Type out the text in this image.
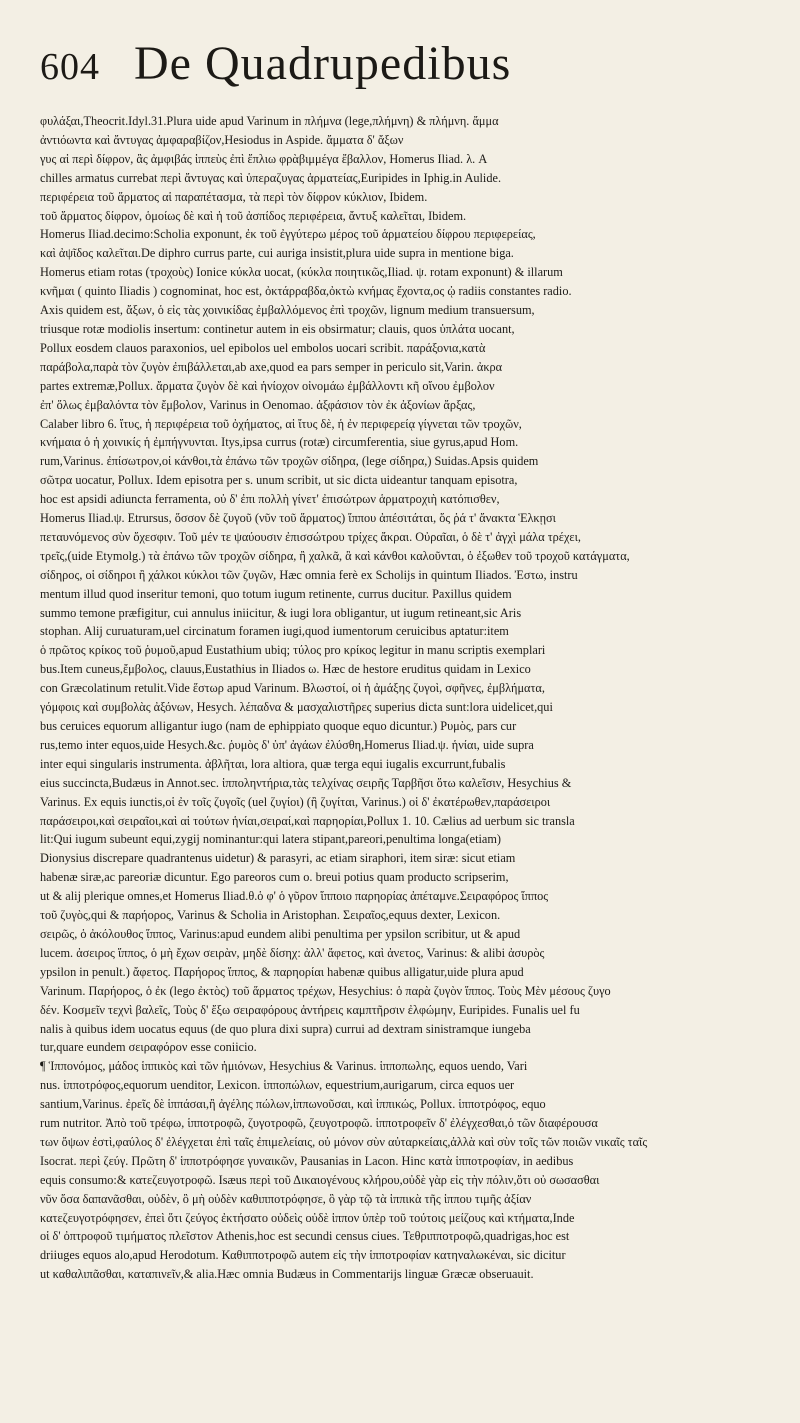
604 De Quadrupedibus
φυλάξαι,Theocrit.Idyl.31.Plura uide apud Varinum in πλήμνα (lege,πλήμνη) & πλήμνη. ἄμμα
ἀντιόωντα καὶ ἄντυγας ἀμφαραβίζον,Hesiodus in Aspide. ἄμματα δ' ἄξων
γυς αἱ περὶ δίφρον, ἃς ἀμφιβάς ἱππεὺς ἐπὶ ἔπλιω φρὰβιμμέγα ἔβαλλον, Homerus Iliad. λ. A
chilles armatus currebat περὶ ἄντυγας καὶ ὑπεραζυγας ἁρματείας,Euripides in Iphig.in Aulide.
περιφέρεια τοῦ ἅρματος αἱ παραπέτασμα, τὰ περὶ τὸν δίφρον κύκλιον, Ibidem.
τοῦ ἅρματος δίφρον, ὁμοίως δὲ καὶ ἡ τοῦ ἀσπίδος περιφέρεια, ἄντυξ καλεῖται, Ibidem.
Homerus Iliad.decimo:Scholia exponunt, ἐκ τοῦ ἐγγύτερω μέρος τοῦ ἁρματείου δίφρου περιφερείας,
καὶ ἀψῖδος καλεῖται.De diphro currus parte, cui auriga insistit,plura uide supra in mentione biga.
Homerus etiam rotas (τροχοὺς) Ionice κύκλα uocat, (κύκλα ποιητικῶς,Iliad. ψ. rotam exponunt) & illarum
κνῆμαι ( quinto Iliadis ) cognominat, hoc est, ὀκτάρραβδα,ὀκτὼ κνήμας ἔχοντα,ος ᾠ radiis constantes radio.
Axis quidem est, ἄξων, ὁ εἰς τὰς χοινικίδας ἐμβαλλόμενος ἐπὶ τροχῶν, lignum medium transuersum,
triusque rotæ modiolis insertum: continetur autem in eis obsirmatur; clauis, quos ὑπλάτα uocant,
Pollux eosdem clauos paraxonios, uel epibolos uel embolos uocari scribit. παράξονια,κατὰ
παράβολα,παρὰ τὸν ζυγὸν ἐπιβάλλεται,ab axe,quod ea pars semper in periculo sit,Varin. ἀκρα
partes extremæ,Pollux. ἄρματα ζυγὸν δὲ καὶ ἡνίοχον οἰνομάω ἐμβάλλοντι κῆ οἴνου ἐμβολον
ἐπ' ὅλως ἐμβαλόντα τὸν ἔμβολον, Varinus in Oenomao. ἀξφάσιον τὸν ἐκ ἀξονίων ἄρξας,
Calaber libro 6. ἴτυς, ἡ περιφέρεια τοῦ ὀχήματος, αἱ ἴτυς δὲ, ἡ ἐν περιφερείᾳ γίγνεται τῶν τροχῶν,
κνήμαια ὁ ἡ χοινικίς ἡ ἐμπήγνυνται. Itys,ipsa currus (rotæ) circumferentia, siue gyrus,apud Hom.
rum,Varinus. ἐπίσωτρον,οἱ κάνθοι,τὰ ἐπάνω τῶν τροχῶν σίδηρα, (lege σίδηρα,) Suidas.Apsis quidem
σῶτρα uocatur, Pollux. Idem episotra per s. unum scribit, ut sic dicta uideantur tanquam episotra,
hoc est apsidi adiuncta ferramenta, οὐ δ' ἐπι πολλὴ γίνετ' ἐπισώτρων ἁρματροχιὴ κατόπισθεν,
Homerus Iliad.ψ. Etrursus, ὅσσον δὲ ζυγοῦ (νῦν τοῦ ἅρματος) ἵππου ἀπέσιτάται, ὅς ῥά τ' ἄνακτα Ἑλκῃσι
πεταυνόμενος σὺν ὄχεσφιν. Τοῦ μέν τε ψαύουσιν ἐπισσώτρου τρίχες ἄκραι. Οὐραῖαι, ὁ δὲ τ' ἀγχὶ μάλα τρέχει,
τρεῖς,(uide Etymolg.) τὰ ἐπάνω τῶν τροχῶν σίδηρα, ἢ χαλκᾶ, ἃ καὶ κάνθοι καλοῦνται, ὁ ἐξωθεν τοῦ τροχοῦ κατάγματα,
σίδηρος, οἱ σίδηροι ἢ χάλκοι κύκλοι τῶν ζυγῶν, Hæc omnia ferè ex Scholijs in quintum Iliados. Ἐστω, instru
mentum illud quod inseritur temoni, quo totum iugum retinente, currus ducitur. Paxillus quidem
summo temone præfigitur, cui annulus iniicitur, & iugi lora obligantur, ut iugum retineant,sic Aris
stophan. Alij curuaturam,uel circinatum foramen iugi,quod iumentorum ceruicibus aptatur:item
ὁ πρῶτος κρίκος τοῦ ῥυμοῦ,apud Eustathium ubiq; τύλος pro κρίκος legitur in manu scriptis exemplari
bus.Item cuneus,ἔμβολος, clauus,Eustathius in Iliados ω. Hæc de hestore eruditus quidam in Lexico
con Græcolatinum retulit.Vide ἕστωρ apud Varinum. Βλωστοί, οἱ ἡ ἀμάξης ζυγοὶ, σφῆνες, ἐμβλήματα,
γόμφοις καὶ συμβολὰς ἀξόνων, Hesych. λέπαδνα & μασχαλιστῆρες superius dicta sunt:lora uidelicet,qui
bus ceruices equorum alligantur iugo (nam de ephippiato quoque equo dicuntur.) Ρυμὸς, pars cur
rus,temo inter equos,uide Hesych.&c. ῥυμὸς δ' ὑπ' ἀγάων ἐλύσθη,Homerus Iliad.ψ. ἡνίαι, uide supra
inter equi singularis instrumenta. ἀβλῆται, lora altiora, quæ terga equi iugalis excurrunt,fubalis
eius succincta,Budæus in Annot.sec. ἱπποληντήρια,τὰς τελχίνας σειρῆς Ταρβῆσι ὅτω καλεῖσιν, Hesychius &
Varinus. Ex equis iunctis,οἱ ἐν τοῖς ζυγοῖς (uel ζυγίοι) (ἢ ζυγίται, Varinus.) οἱ δ' ἐκατέρωθεν,παράσειροι
παράσειροι,καὶ σειραῖοι,καὶ αἱ τούτων ἡνίαι,σειραί,καὶ παρηορίαι,Pollux 1. 10. Cælius ad uerbum sic transla
lit:Qui iugum subeunt equi,zygij nominantur:qui latera stipant,pareori,penultima longa(etiam)
Dionysius discrepare quadrantenus uidetur) & parasyri, ac etiam siraphori, item siræ: sicut etiam
habenæ siræ,ac pareoriæ dicuntur. Ego pareoros cum ο. breui potius quam producto scripserim,
ut & alij plerique omnes,et Homerus Iliad.θ.ὁ φ' ὁ γῦρον ἵπποιο παρηορίας ἀπέταμνε.Σειραφόρος ἵππος
τοῦ ζυγὸς,qui & παρήορος, Varinus & Scholia in Aristophan. Σειραῖος,equus dexter, Lexicon.
σειρῶς, ὁ ἀκόλουθος ἵππος, Varinus:apud eundem alibi penultima per ypsilon scribitur, ut & apud
lucem. ἀσειρος ἵππος, ὁ μὴ ἔχων σειρὰν, μηδὲ δίσηχ: ἀλλ' ἄφετος, καὶ ἀνετος, Varinus: & alibi ἀσυρὸς
ypsilon in penult.) ἄφετος. Παρήορος ἵππος, & παρηορίαι habenæ quibus alligatur,uide plura apud
Varinum. Παρήορος, ὁ ἐκ (lego ἐκτὸς) τοῦ ἅρματος τρέχων, Hesychius: ὁ παρὰ ζυγὸν ἵππος. Τοὺς Μὲν μέσους ζυγο
δέν. Κοσμεῖν τεχνὶ βαλεῖς, Τοὺς δ' ἔξω σειραφόρους ἀντήρεις καμπτῆρσιν ἐλφώμην, Euripides. Funalis uel fu
nalis à quibus idem uocatus equus (de quo plura dixi supra) currui ad dextram sinistramque iungeba
tur,quare eundem σειραφόρον esse coniicio.
¶ Ἱππονόμος, μάδος ἱππικὸς καὶ τῶν ἡμιόνων, Hesychius & Varinus. ἱπποπωλης, equos uendo, Vari
nus. ἱπποτρόφος,equorum uenditor, Lexicon. ἱπποπώλων, equestrium,aurigarum, circa equos uer
santium,Varinus. ἐρεῖς δὲ ἱππάσαι,ἢ ἀγέλης πώλων,ἱππωνοῦσαι, καὶ ἱππικώς, Pollux. ἱπποτρόφος, equo
rum nutritor. Ἀπὸ τοῦ τρέφω, ἱπποτροφῶ, ζυγοτροφῶ, ζευγοτροφῶ. ἱπποτροφεῖν δ' ἐλέγχεσθαι,ὁ τῶν διαφέρουσα
των ὄψων ἐστὶ,φαύλος δ' ἐλέγχεται ἐπὶ ταῖς ἐπιμελείαις, οὐ μόνον σὺν αὐταρκείαις,ἀλλὰ καὶ σὺν τοῖς τῶν ποιῶν νικαῖς ταῖς
Isocrat. περὶ ζεύγ. Πρῶτη δ' ἱπποτρόφησε γυναικῶν, Pausanias in Lacon. Hinc κατὰ ἱπποτροφίαν, in aedibus
equis consumo:& κατεζευγοτροφῶ. Isæus περὶ τοῦ Δικαιογένους κλήρου,οὐδὲ γὰρ εἰς τὴν πόλιν,ὅτι οὐ σωσασθαι
νῦν ὅσα δαπανᾶσθαι, οὐδὲν, ὃ μὴ οὐδὲν καθιπποτρόφησε, ὃ γὰρ τῷ τὰ ἱππικὰ τῆς ἱππου τιμῆς ἀξίαν
κατεζευγοτρόφησεν, ἐπεὶ ὅτι ζεύγος ἐκτήσατο οὐδεὶς οὐδὲ ἱππον ὑπὲρ τοῦ τούτοις μείζους καὶ κτήματα,Inde
οἱ δ' ὀπτροφοῦ τιμήματος πλεῖστον Athenis,hoc est secundi census ciues. Τεθριπποτροφῶ,quadrigas,hoc est
driiuges equos alo,apud Herodotum. Καθιπποτροφῶ autem εἰς τὴν ἱπποτροφίαν κατηναλωκέναι, sic dicitur
ut καθαλιπᾶσθαι, καταπινεῖν,& alia.Hæc omnia Budæus in Commentarijs linguæ Græcæ obseruauit.
